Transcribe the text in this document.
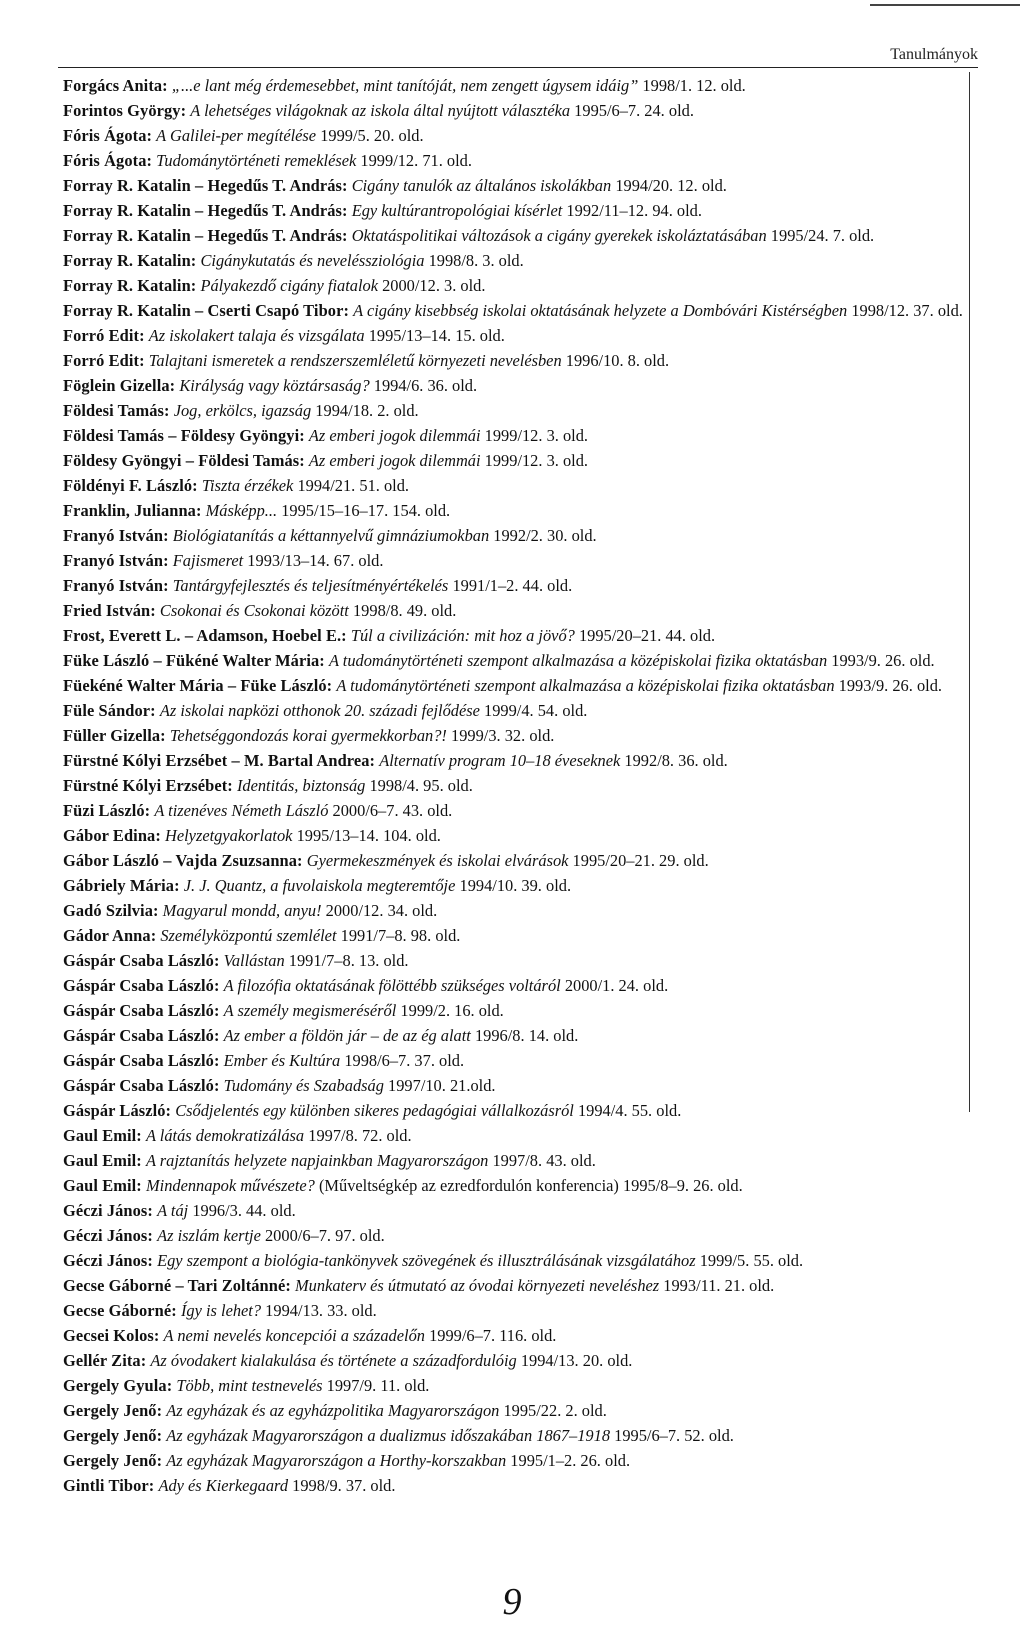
Tanulmányok
Forgács Anita: „...e lant még érdemesebbet, mint tanítóját, nem zengett úgysem idáig” 1998/1. 12. old.
Forintos György: A lehetséges világoknak az iskola által nyújtott választéka 1995/6–7. 24. old.
Fóris Ágota: A Galilei-per megítélése 1999/5. 20. old.
Fóris Ágota: Tudománytörténeti remeklések 1999/12. 71. old.
Forray R. Katalin – Hegedűs T. András: Cigány tanulók az általános iskolákban 1994/20. 12. old.
Forray R. Katalin – Hegedűs T. András: Egy kultúrantropológiai kísérlet 1992/11–12. 94. old.
Forray R. Katalin – Hegedűs T. András: Oktatáspolitikai változások a cigány gyerekek iskoláztatásában 1995/24. 7. old.
Forray R. Katalin: Cigánykutatás és neveléssziológia 1998/8. 3. old.
Forray R. Katalin: Pályakezdő cigány fiatalok 2000/12. 3. old.
Forray R. Katalin – Cserti Csapó Tibor: A cigány kisebbség iskolai oktatásának helyzete a Dombóvári Kistérségben 1998/12. 37. old.
Forró Edit: Az iskolakert talaja és vizsgálata 1995/13–14. 15. old.
Forró Edit: Talajtani ismeretek a rendszerszemléletű környezeti nevelésben 1996/10. 8. old.
Föglein Gizella: Királyság vagy köztársaság? 1994/6. 36. old.
Földesi Tamás: Jog, erkölcs, igazság 1994/18. 2. old.
Földesi Tamás – Földesy Gyöngyi: Az emberi jogok dilemmái 1999/12. 3. old.
Földesy Gyöngyi – Földesi Tamás: Az emberi jogok dilemmái 1999/12. 3. old.
Földényi F. László: Tiszta érzékek 1994/21. 51. old.
Franklin, Julianna: Másképp... 1995/15–16–17. 154. old.
Franyó István: Biológiatanítás a kéttannyelvű gimnáziumokban 1992/2. 30. old.
Franyó István: Fajismeret 1993/13–14. 67. old.
Franyó István: Tantárgyfejlesztés és teljesítményértékelés 1991/1–2. 44. old.
Fried István: Csokonai és Csokonai között 1998/8. 49. old.
Frost, Everett L. – Adamson, Hoebel E.: Túl a civilizáción: mit hoz a jövő? 1995/20–21. 44. old.
Füke László – Fükéné Walter Mária: A tudománytörténeti szempont alkalmazása a középiskolai fizika oktatásban 1993/9. 26. old.
Füekéné Walter Mária – Füke László: A tudománytörténeti szempont alkalmazása a középiskolai fizika oktatásban 1993/9. 26. old.
Füle Sándor: Az iskolai napközi otthonok 20. századi fejlődése 1999/4. 54. old.
Füller Gizella: Tehetséggondozás korai gyermekkorban?! 1999/3. 32. old.
Fürstné Kólyi Erzsébet – M. Bartal Andrea: Alternatív program 10–18 éveseknek 1992/8. 36. old.
Fürstné Kólyi Erzsébet: Identitás, biztonság 1998/4. 95. old.
Füzi László: A tizenéves Németh László 2000/6–7. 43. old.
Gábor Edina: Helyzetgyakorlatok 1995/13–14. 104. old.
Gábor László – Vajda Zsuzsanna: Gyermekeszmények és iskolai elvárások 1995/20–21. 29. old.
Gábriely Mária: J. J. Quantz, a fuvolaiskola megteremtője 1994/10. 39. old.
Gadó Szilvia: Magyarul mondd, anyu! 2000/12. 34. old.
Gádor Anna: Személyközpontú szemlélet 1991/7–8. 98. old.
Gáspár Csaba László: Vallástan 1991/7–8. 13. old.
Gáspár Csaba László: A filozófia oktatásának fölöttébb szükséges voltáról 2000/1. 24. old.
Gáspár Csaba László: A személy megismeréséről 1999/2. 16. old.
Gáspár Csaba László: Az ember a földön jár – de az ég alatt 1996/8. 14. old.
Gáspár Csaba László: Ember és Kultúra 1998/6–7. 37. old.
Gáspár Csaba László: Tudomány és Szabadság 1997/10. 21.old.
Gáspár László: Csődjelentés egy különben sikeres pedagógiai vállalkozásról 1994/4. 55. old.
Gaul Emil: A látás demokratizálása 1997/8. 72. old.
Gaul Emil: A rajztanítás helyzete napjainkban Magyarországon 1997/8. 43. old.
Gaul Emil: Mindennapok művészete? (Műveltségkép az ezredfordulón konferencia) 1995/8–9. 26. old.
Géczi János: A táj 1996/3. 44. old.
Géczi János: Az iszlám kertje 2000/6–7. 97. old.
Géczi János: Egy szempont a biológia-tankönyvek szövegének és illusztrálásának vizsgálatához 1999/5. 55. old.
Gecse Gáborné – Tari Zoltánné: Munkaterv és útmutató az óvodai környezeti neveléshez 1993/11. 21. old.
Gecse Gáborné: Így is lehet? 1994/13. 33. old.
Gecsei Kolos: A nemi nevelés koncepciói a századelőn 1999/6–7. 116. old.
Gellér Zita: Az óvodakert kialakulása és története a századfordulóig 1994/13. 20. old.
Gergely Gyula: Több, mint testnevelés 1997/9. 11. old.
Gergely Jenő: Az egyházak és az egyházpolitika Magyarországon 1995/22. 2. old.
Gergely Jenő: Az egyházak Magyarországon a dualizmus időszakában 1867–1918 1995/6–7. 52. old.
Gergely Jenő: Az egyházak Magyarországon a Horthy-korszakban 1995/1–2. 26. old.
Gintli Tibor: Ady és Kierkegaard 1998/9. 37. old.
9
